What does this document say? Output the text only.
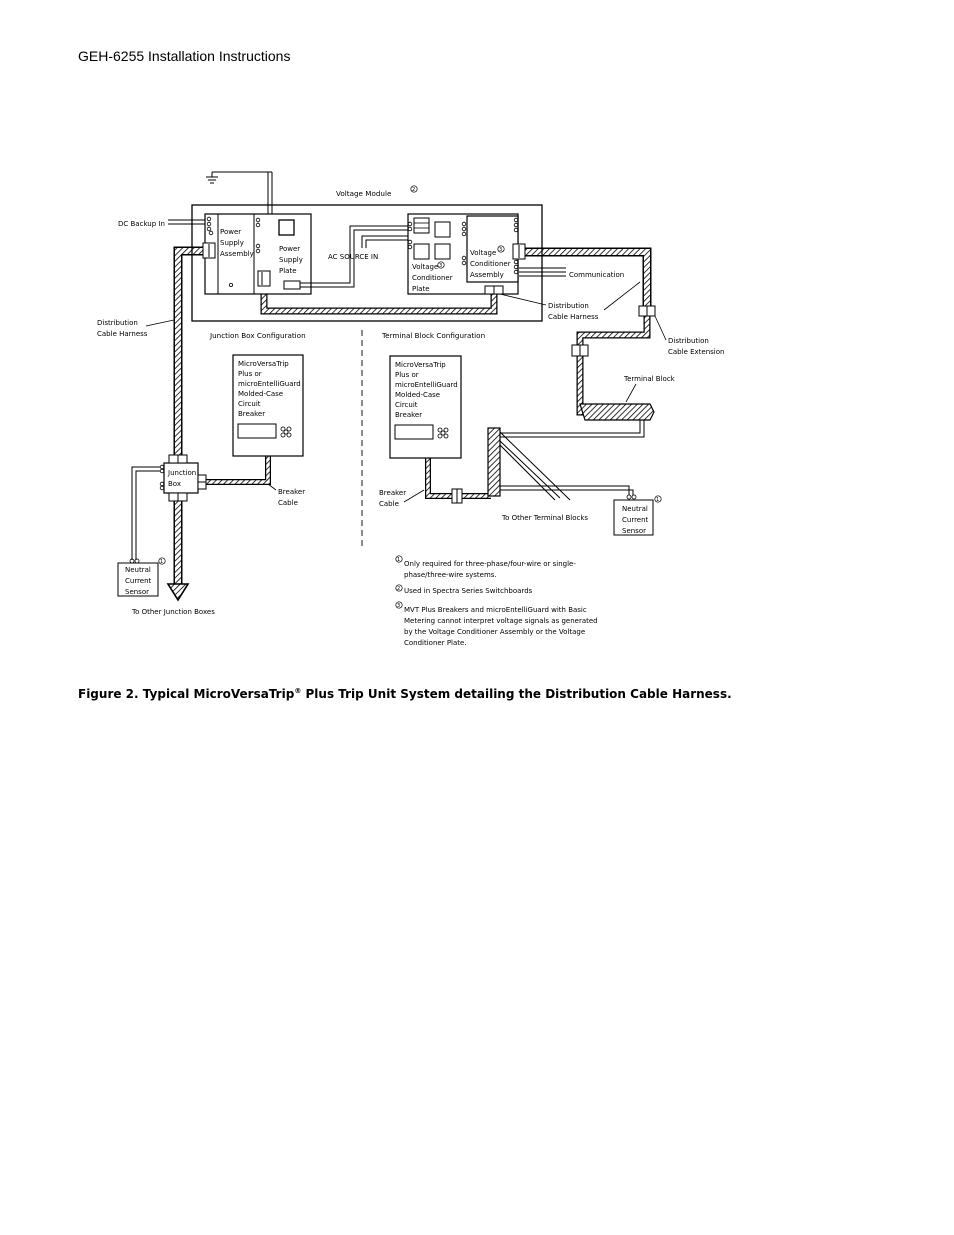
GEH-6255 Installation Instructions
Voltage Module	2
DC Backup In
Power
Supply
Assembly
Power
Supply
Plate
AC SOURCE IN
Voltage
Conditioner
Plate
3
Voltage
Conditioner
Assembly
3
Communication
Distribution
Cable Harness
Distribution
Cable Harness
Distribution
Cable Extension
Junction Box Configuration	Terminal Block Configuration
MicroVersaTrip
Plus or
microEntelliGuard
Molded-Case
Circuit
Breaker
MicroVersaTrip
Plus or
microEntelliGuard
Molded-Case
Circuit
Breaker
Terminal Block
To Other Terminal Blocks
Breaker
Cable
Neutral
Current
Sensor
1
Junction
Box
Breaker
Cable
Neutral
Current
Sensor
1
To Other Junction Boxes
1 Only required for three-phase/four-wire or single-
phase/three-wire systems.
2 Used in Spectra Series Switchboards
3 MVT Plus Breakers and microEntelliGuard with Basic
Metering cannot interpret voltage signals as generated
by the Voltage Conditioner Assembly or the Voltage
Conditioner Plate.
Figure 2. Typical MicroVersaTrip® Plus Trip Unit System detailing the Distribution Cable Harness.
